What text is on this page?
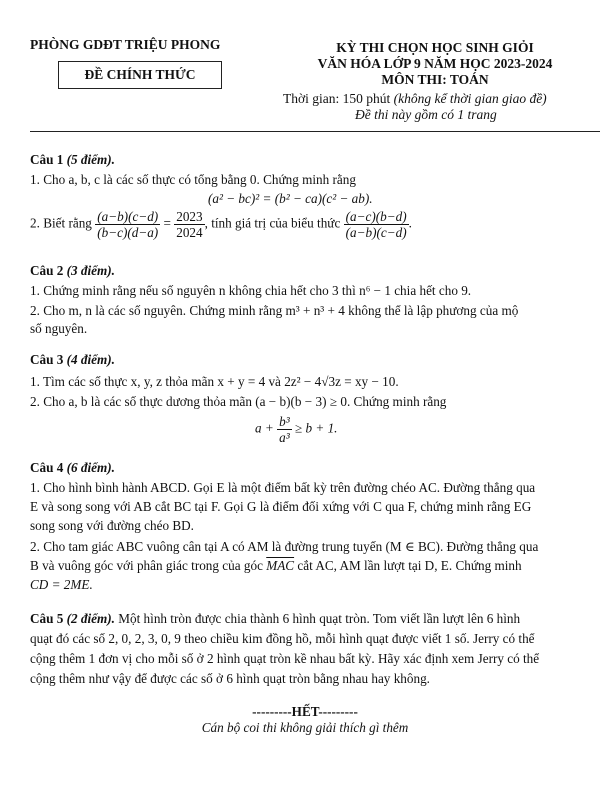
PHÒNG GDĐT TRIỆU PHONG
ĐỀ CHÍNH THỨC
KỲ THI CHỌN HỌC SINH GIỎI
VĂN HÓA LỚP 9 NĂM HỌC 2023-2024
MÔN THI: TOÁN
Thời gian: 150 phút (không kể thời gian giao đề)
Đề thi này gồm có 1 trang
Câu 1 (5 điểm).
1. Cho a, b, c là các số thực có tổng bằng 0. Chứng minh rằng
(a² − bc)² = (b² − ca)(c² − ab).
2. Biết rằng $\frac{(a-b)(c-d)}{(b-c)(d-a)} = \frac{2023}{2024}$ , tính giá trị của biểu thức $\frac{(a-c)(b-d)}{(a-b)(c-d)}$ .
Câu 2 (3 điểm).
1. Chứng minh rằng nếu số nguyên n không chia hết cho 3 thì n⁶ − 1 chia hết cho 9.
2. Cho m, n là các số nguyên. Chứng minh rằng m³ + n³ + 4 không thể là lập phương của mộ
số nguyên.
Câu 3 (4 điểm).
1. Tìm các số thực x, y, z thỏa mãn x + y = 4 và 2z² − 4√3z = xy − 10.
2. Cho a, b là các số thực dương thỏa mãn (a − b)(b − 3) ≥ 0. Chứng minh rằng
$a + \frac{\text{b³}}{\text{a³}} \ge b + 1$.
Câu 4 (6 điểm).
1. Cho hình bình hành ABCD. Gọi E là một điểm bất kỳ trên đường chéo AC. Đường thẳng qua
E và song song với AB cắt BC tại F. Gọi G là điểm đối xứng với C qua F, chứng minh rằng EG
song song với đường chéo BD.
2. Cho tam giác ABC vuông cân tại A có AM là đường trung tuyến (M ∈ BC). Đường thẳng qua
B và vuông góc với phân giác trong của góc $\overline{MAC}$ cắt AC, AM lần lượt tại D, E. Chứng minh
CD = 2ME.
Câu 5 (2 điểm). Một hình tròn được chia thành 6 hình quạt tròn. Tom viết lần lượt lên 6 hình
quạt đó các số 2, 0, 2, 3, 0, 9 theo chiều kim đồng hồ, mỗi hình quạt được viết 1 số. Jerry có thể
cộng thêm 1 đơn vị cho mỗi số ở 2 hình quạt tròn kề nhau bất kỳ. Hãy xác định xem Jerry có thể
cộng thêm như vậy để được các số ở 6 hình quạt tròn bằng nhau hay không.
---------HẾT---------
Cán bộ coi thi không giải thích gì thêm
